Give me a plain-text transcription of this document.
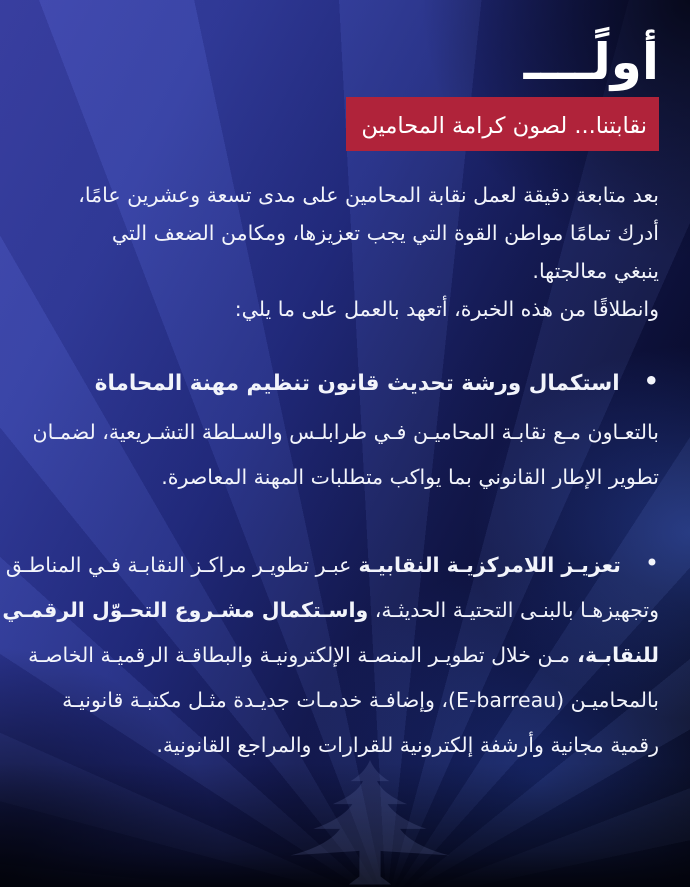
أولًــــ
نقابتنا... لصون كرامة المحامين
بعد متابعة دقيقة لعمل نقابة المحامين على مدى تسعة وعشرين عامًا،
أدرك تمامًا مواطن القوة التي يجب تعزيزها، ومكامن الضعف التي
ينبغي معالجتها.
وانطلاقًا من هذه الخبرة، أتعهد بالعمل على ما يلي:
•استكمال ورشة تحديث قانون تنظيم مهنة المحاماة
بالتعـاون مـع نقابـة المحاميـن فـي طرابلـس والسـلطة التشـريعية، لضمـان
تطوير الإطار القانوني بما يواكب متطلبات المهنة المعاصرة.
•تعزيـز اللامركزيـة النقابيـة عبـر تطويـر مراكـز النقابـة فـي المناطـق
وتجهيزهـا بالبنـى التحتيـة الحديثـة، واسـتكمال مشـروع التحـوّل الرقمـي
للنقابـة، مـن خلال تطويـر المنصـة الإلكترونيـة والبطاقـة الرقميـة الخاصـة
بالمحاميـن (E-barreau)، وإضافـة خدمـات جديـدة مثـل مكتبـة قانونيـة
رقمية مجانية وأرشفة إلكترونية للقرارات والمراجع القانونية.
